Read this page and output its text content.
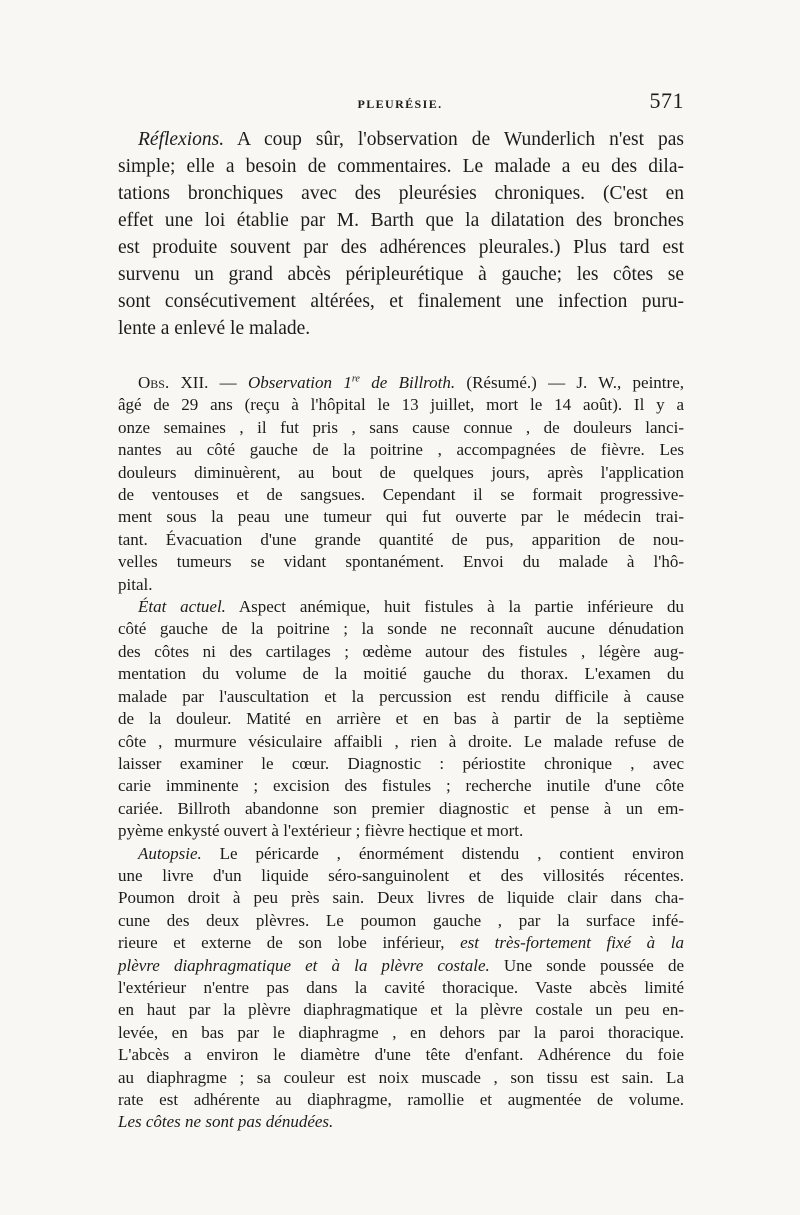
PLEURÉSIE.	571
Réflexions. A coup sûr, l'observation de Wunderlich n'est pas
simple; elle a besoin de commentaires. Le malade a eu des dila-
tations bronchiques avec des pleurésies chroniques. (C'est en
effet une loi établie par M. Barth que la dilatation des bronches
est produite souvent par des adhérences pleurales.) Plus tard est
survenu un grand abcès péripleurétique à gauche; les côtes se
sont consécutivement altérées, et finalement une infection puru-
lente a enlevé le malade.
Obs. XII. — Observation 1re de Billroth. (Résumé.) — J. W., peintre,
âgé de 29 ans (reçu à l'hôpital le 13 juillet, mort le 14 août). Il y a
onze semaines , il fut pris , sans cause connue , de douleurs lanci-
nantes au côté gauche de la poitrine , accompagnées de fièvre. Les
douleurs diminuèrent, au bout de quelques jours, après l'application
de ventouses et de sangsues. Cependant il se formait progressive-
ment sous la peau une tumeur qui fut ouverte par le médecin trai-
tant. Évacuation d'une grande quantité de pus, apparition de nou-
velles tumeurs se vidant spontanément. Envoi du malade à l'hô-
pital.
État actuel. Aspect anémique, huit fistules à la partie inférieure du
côté gauche de la poitrine ; la sonde ne reconnaît aucune dénudation
des côtes ni des cartilages ; œdème autour des fistules , légère aug-
mentation du volume de la moitié gauche du thorax. L'examen du
malade par l'auscultation et la percussion est rendu difficile à cause
de la douleur. Matité en arrière et en bas à partir de la septième
côte , murmure vésiculaire affaibli , rien à droite. Le malade refuse de
laisser examiner le cœur. Diagnostic : périostite chronique , avec
carie imminente ; excision des fistules ; recherche inutile d'une côte
cariée. Billroth abandonne son premier diagnostic et pense à un em-
pyème enkysté ouvert à l'extérieur ; fièvre hectique et mort.
Autopsie. Le péricarde , énormément distendu , contient environ
une livre d'un liquide séro-sanguinolent et des villosités récentes.
Poumon droit à peu près sain. Deux livres de liquide clair dans cha-
cune des deux plèvres. Le poumon gauche , par la surface infé-
rieure et externe de son lobe inférieur, est très-fortement fixé à la
plèvre diaphragmatique et à la plèvre costale. Une sonde poussée de
l'extérieur n'entre pas dans la cavité thoracique. Vaste abcès limité
en haut par la plèvre diaphragmatique et la plèvre costale un peu en-
levée, en bas par le diaphragme , en dehors par la paroi thoracique.
L'abcès a environ le diamètre d'une tête d'enfant. Adhérence du foie
au diaphragme ; sa couleur est noix muscade , son tissu est sain. La
rate est adhérente au diaphragme, ramollie et augmentée de volume.
Les côtes ne sont pas dénudées.
